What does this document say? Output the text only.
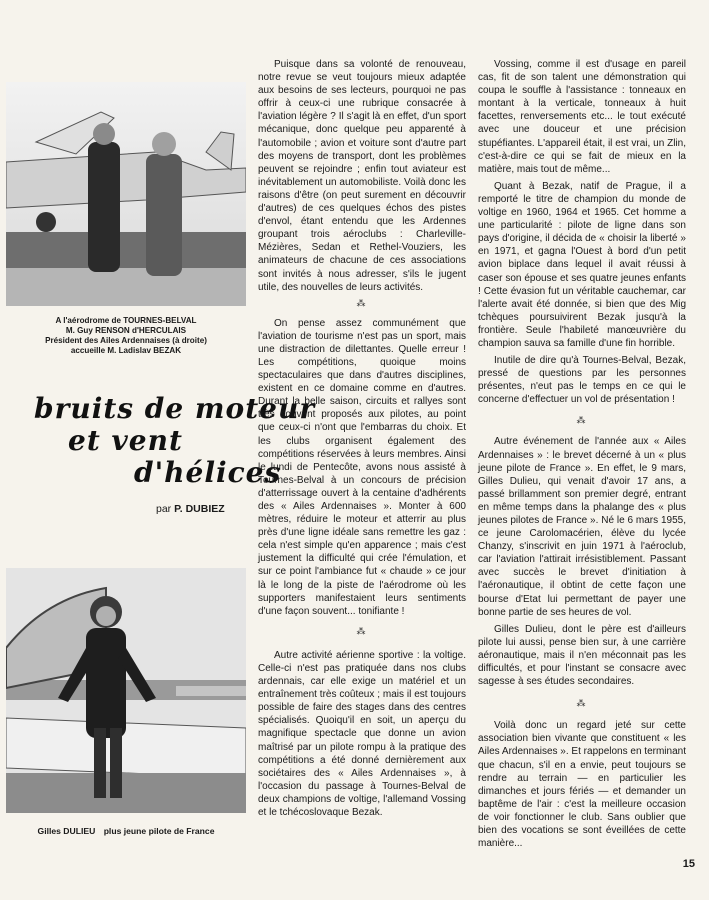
A l'aérodrome de TOURNES-BELVAL
M. Guy RENSON d'HERCULAIS
Président des Ailes Ardennaises (à droite)
accueille M. Ladislav BEZAK
bruits de moteur
et vent
d'hélices
par P. DUBIEZ
Gilles DULIEU plus jeune pilote de France

Puisque dans sa volonté de renouveau, notre revue se veut toujours mieux adaptée aux besoins de ses lecteurs, pourquoi ne pas offrir à ceux-ci une rubrique consacrée à l'aviation légère ? Il s'agit là en effet, d'un sport mécanique, donc quelque peu apparenté à l'automobile ; avion et voiture sont d'autre part des moyens de transport, dont les problèmes peuvent se rejoindre ; enfin tout aviateur est inévitablement un automobiliste. Voilà donc les raisons d'être (on peut surement en découvrir d'autres) de ces quelques échos des pistes d'envol, étant entendu que les Ardennes groupant trois aéroclubs : Charleville-Mézières, Sedan et Rethel-Vouziers, les animateurs de chacune de ces associations sont invités à nous adresser, s'ils le jugent utile, des nouvelles de leurs activités.

⁂

On pense assez communément que l'aviation de tourisme n'est pas un sport, mais une distraction de dilettantes. Quelle erreur ! Les compétitions, quoique moins spectaculaires que dans d'autres disciplines, existent en ce domaine comme en d'autres. Durant la belle saison, circuits et rallyes sont très souvent proposés aux pilotes, au point que ceux-ci n'ont que l'embarras du choix. Et les clubs organisent également des compétitions réservées à leurs membres. Ainsi le lundi de Pentecôte, avons nous assisté à Tournes-Belval à un concours de précision d'atterrissage ouvert à la centaine d'adhérents des « Ailes Ardennaises ». Monter à 600 mètres, réduire le moteur et atterrir au plus près d'une ligne idéale sans remettre les gaz : cela n'est simple qu'en apparence ; mais c'est justement la difficulté qui crée l'émulation, et sur ce point l'ambiance fut « chaude » ce jour là le long de la piste de l'aérodrome où les supporters manifestaient leurs sentiments d'une façon souvent... tonifiante !

⁂

Autre activité aérienne sportive : la voltige. Celle-ci n'est pas pratiquée dans nos clubs ardennais, car elle exige un matériel et un entraînement très coûteux ; mais il est toujours possible de faire des stages dans des centres spécialisés. Quoiqu'il en soit, un aperçu du magnifique spectacle que donne un avion maîtrisé par un pilote rompu à la pratique des compétitions a été donné dernièrement aux sociétaires des « Ailes Ardennaises », à l'occasion du passage à Tournes-Belval de deux champions de voltige, l'allemand Vossing et le tchécoslovaque Bezak.

Vossing, comme il est d'usage en pareil cas, fit de son talent une démonstration qui coupa le souffle à l'assistance : tonneaux en montant à la verticale, tonneaux à huit facettes, renversements etc... le tout exécuté avec une douceur et une précision stupéfiantes. L'appareil était, il est vrai, un Zlin, c'est-à-dire ce qui se fait de mieux en la matière, mais tout de même...

Quant à Bezak, natif de Prague, il a remporté le titre de champion du monde de voltige en 1960, 1964 et 1965. Cet homme a une particularité : pilote de ligne dans son pays d'origine, il décida de « choisir la liberté » en 1971, et gagna l'Ouest à bord d'un petit avion biplace dans lequel il avait réussi à caser son épouse et ses quatre jeunes enfants ! Cette évasion fut un véritable cauchemar, car l'alerte avait été donnée, si bien que des Mig tchèques poursuivirent Bezak jusqu'à la frontière. Seule l'habileté manœuvrière du champion sauva sa famille d'une fin horrible.

Inutile de dire qu'à Tournes-Belval, Bezak, pressé de questions par les personnes présentes, n'eut pas le temps en ce qui le concerne d'effectuer un vol de présentation !

⁂

Autre événement de l'année aux « Ailes Ardennaises » : le brevet décerné à un « plus jeune pilote de France ». En effet, le 9 mars, Gilles Dulieu, qui venait d'avoir 17 ans, a passé brillamment son premier degré, entrant en même temps dans la phalange des « plus jeunes pilotes de France ». Né le 6 mars 1955, ce jeune Carolomacérien, élève du lycée Chanzy, s'inscrivit en juin 1971 à l'aéroclub, car l'aviation l'attirait irrésistiblement. Passant avec succès le brevet d'initiation à l'aéronautique, il obtint de cette façon une bourse d'Etat lui permettant de payer une bonne partie de ses heures de vol.

Gilles Dulieu, dont le père est d'ailleurs pilote lui aussi, pense bien sur, à une carrière aéronautique, mais il n'en méconnait pas les difficultés, et pour l'instant se consacre avec sagesse à ses études secondaires.

⁂

Voilà donc un regard jeté sur cette association bien vivante que constituent « les Ailes Ardennaises ». Et rappelons en terminant que chacun, s'il en a envie, peut toujours se rendre au terrain — en particulier les dimanches et jours fériés — et demander un baptême de l'air : c'est la meilleure occasion de voir fonctionner le club. Sans oublier que bien des vocations se sont éveillées de cette manière...

15
